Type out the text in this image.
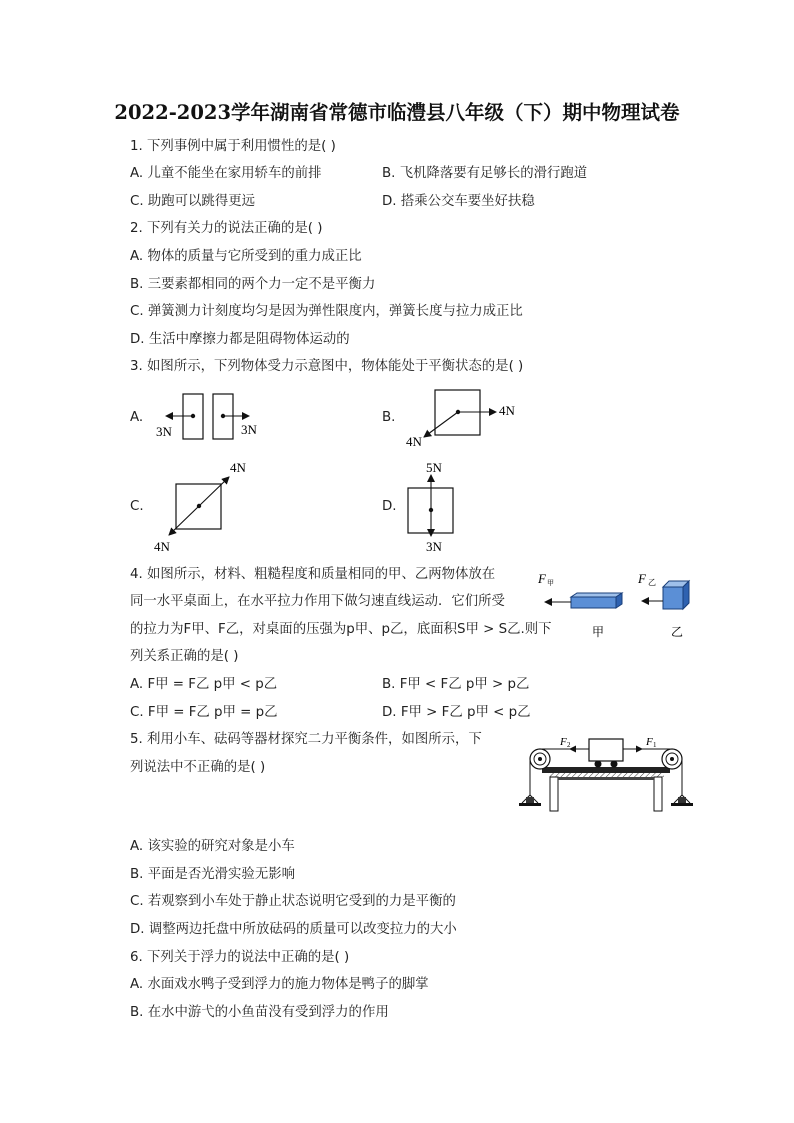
2022-2023学年湖南省常德市临澧县八年级（下）期中物理试卷
1. 下列事例中属于利用惯性的是( )
A. 儿童不能坐在家用轿车的前排	B. 飞机降落要有足够长的滑行跑道
C. 助跑可以跳得更远	D. 搭乘公交车要坐好扶稳
2. 下列有关力的说法正确的是( )
A. 物体的质量与它所受到的重力成正比
B. 三要素都相同的两个力一定不是平衡力
C. 弹簧测力计刻度均匀是因为弹性限度内，弹簧长度与拉力成正比
D. 生活中摩擦力都是阻碍物体运动的
3. 如图所示，下列物体受力示意图中，物体能处于平衡状态的是( )
A.	B.
C.	D.
3N	3N
4N
4N
4N
4N
5N
3N
4. 如图所示，材料、粗糙程度和质量相同的甲、乙两物体放在
同一水平桌面上，在水平拉力作用下做匀速直线运动．它们所受
的拉力为F甲、F乙，对桌面的压强为p甲、p乙，底面积S甲 > S乙.则下
列关系正确的是( )
A. F甲 = F乙 p甲 < p乙	B. F甲 < F乙 p甲 > p乙
C. F甲 = F乙 p甲 = p乙	D. F甲 > F乙 p甲 < p乙
F 甲	F 乙
甲	乙
5. 利用小车、砝码等器材探究二力平衡条件，如图所示，下
列说法中不正确的是( )
F 2	F 1
A. 该实验的研究对象是小车
B. 平面是否光滑实验无影响
C. 若观察到小车处于静止状态说明它受到的力是平衡的
D. 调整两边托盘中所放砝码的质量可以改变拉力的大小
6. 下列关于浮力的说法中正确的是( )
A. 水面戏水鸭子受到浮力的施力物体是鸭子的脚掌
B. 在水中游弋的小鱼苗没有受到浮力的作用
